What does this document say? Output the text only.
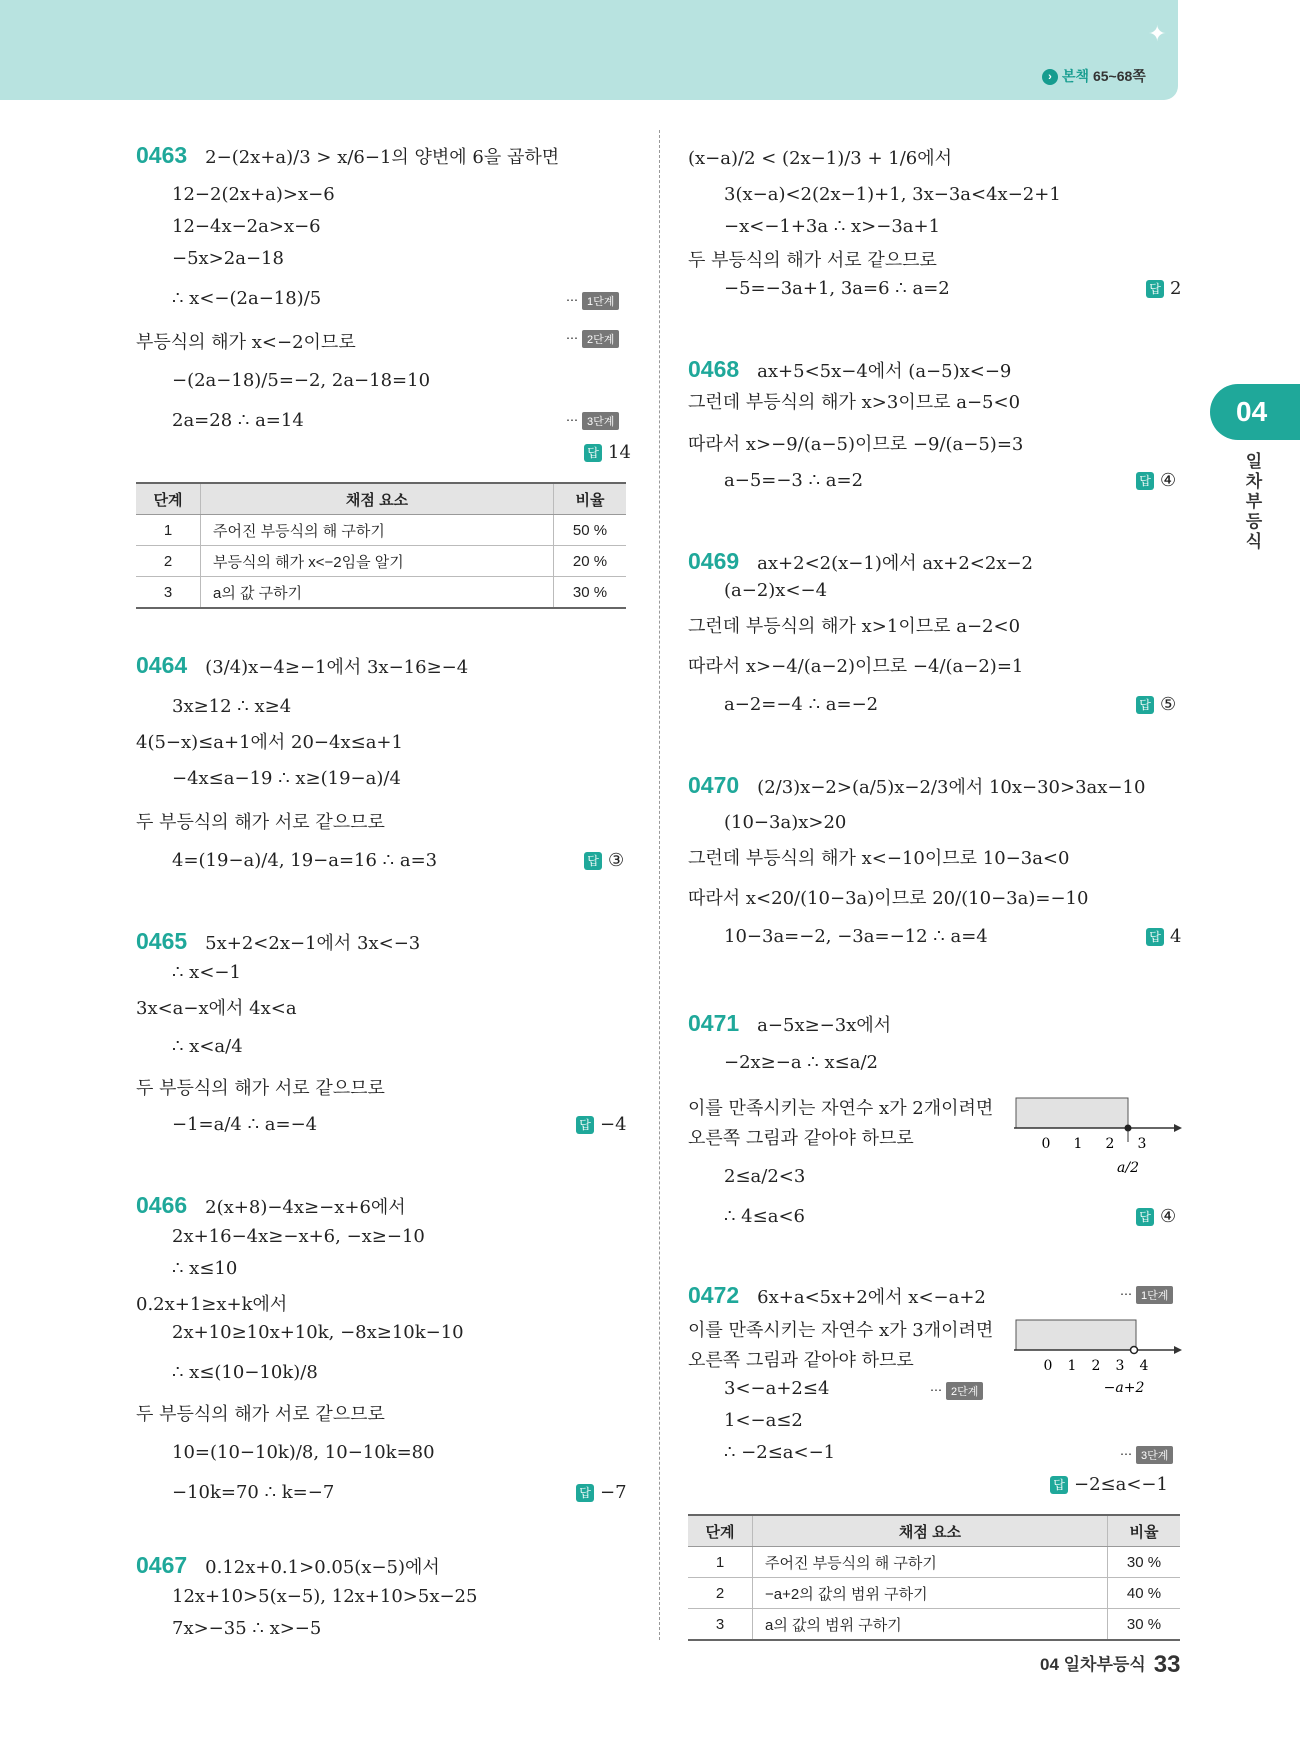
✦
› 본책 65~68쪽
04
일차부등식
0463 2−(2x+a)/3 > x/6−1의 양변에 6을 곱하면
12−2(2x+a)>x−6
12−4x−2a>x−6
−5x>2a−18
∴ x<−(2a−18)/5	⋯ 1단계
부등식의 해가 x<−2이므로	⋯ 2단계
−(2a−18)/5=−2, 2a−18=10
2a=28 ∴ a=14	⋯ 3단계
답 14
단계	채점 요소	비율
1	주어진 부등식의 해 구하기	50 %
2	부등식의 해가 x<−2임을 알기	20 %
3	a의 값 구하기	30 %
0464 (3/4)x−4≥−1에서 3x−16≥−4
3x≥12 ∴ x≥4
4(5−x)≤a+1에서 20−4x≤a+1
−4x≤a−19 ∴ x≥(19−a)/4
두 부등식의 해가 서로 같으므로
4=(19−a)/4, 19−a=16 ∴ a=3	답 ③
0465 5x+2<2x−1에서 3x<−3
∴ x<−1
3x<a−x에서 4x<a
∴ x<a/4
두 부등식의 해가 서로 같으므로
−1=a/4 ∴ a=−4	답 −4
0466 2(x+8)−4x≥−x+6에서
2x+16−4x≥−x+6, −x≥−10
∴ x≤10
0.2x+1≥x+k에서
2x+10≥10x+10k, −8x≥10k−10
∴ x≤(10−10k)/8
두 부등식의 해가 서로 같으므로
10=(10−10k)/8, 10−10k=80
−10k=70 ∴ k=−7	답 −7
0467 0.12x+0.1>0.05(x−5)에서
12x+10>5(x−5), 12x+10>5x−25
7x>−35 ∴ x>−5
(x−a)/2 < (2x−1)/3 + 1/6에서
3(x−a)<2(2x−1)+1, 3x−3a<4x−2+1
−x<−1+3a ∴ x>−3a+1
두 부등식의 해가 서로 같으므로
−5=−3a+1, 3a=6 ∴ a=2	답 2
0468 ax+5<5x−4에서 (a−5)x<−9
그런데 부등식의 해가 x>3이므로 a−5<0
따라서 x>−9/(a−5)이므로 −9/(a−5)=3
a−5=−3 ∴ a=2	답 ④
0469 ax+2<2(x−1)에서 ax+2<2x−2
(a−2)x<−4
그런데 부등식의 해가 x>1이므로 a−2<0
따라서 x>−4/(a−2)이므로 −4/(a−2)=1
a−2=−4 ∴ a=−2	답 ⑤
0470 (2/3)x−2>(a/5)x−2/3에서 10x−30>3ax−10
(10−3a)x>20
그런데 부등식의 해가 x<−10이므로 10−3a<0
따라서 x<20/(10−3a)이므로 20/(10−3a)=−10
10−3a=−2, −3a=−12 ∴ a=4	답 4
0471 a−5x≥−3x에서
−2x≥−a ∴ x≤a/2
이를 만족시키는 자연수 x가 2개이려면
오른쪽 그림과 같아야 하므로
2≤a/2<3
∴ 4≤a<6	답 ④
0 1 2 3
a/2
0472 6x+a<5x+2에서 x<−a+2	⋯ 1단계
이를 만족시키는 자연수 x가 3개이려면
오른쪽 그림과 같아야 하므로
3<−a+2≤4	⋯ 2단계
1<−a≤2
∴ −2≤a<−1	⋯ 3단계
답 −2≤a<−1
0 1 2 3 4
−a+2
단계	채점 요소	비율
1	주어진 부등식의 해 구하기	30 %
2	−a+2의 값의 범위 구하기	40 %
3	a의 값의 범위 구하기	30 %
04 일차부등식 33
